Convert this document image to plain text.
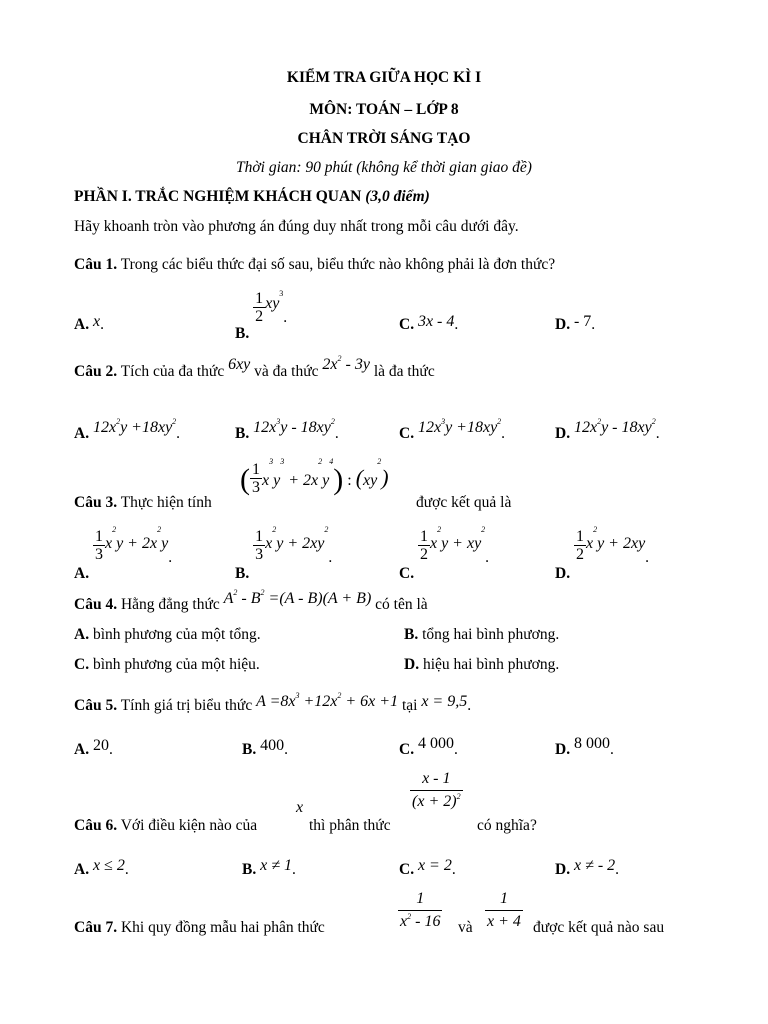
KIỂM TRA GIỮA HỌC KÌ I
MÔN: TOÁN – LỚP 8
CHÂN TRỜI SÁNG TẠO
Thời gian: 90 phút (không kể thời gian giao đề)
PHẦN I. TRẮC NGHIỆM KHÁCH QUAN (3,0 điểm)
Hãy khoanh tròn vào phương án đúng duy nhất trong mỗi câu dưới đây.
Câu 1. Trong các biểu thức đại số sau, biểu thức nào không phải là đơn thức?
A. x.
B.
$\frac{1}{2} xy^3$.	C. 3x - 4.	D. - 7.
Câu 2. Tích của đa thức 6xy và đa thức $2x^2 - 3y$ là đa thức
A. $12x^2y +18xy^2$.	B. $12x^3y - 18xy^2$.	C. $12x^3y +18xy^2$.	D. $12x^2y - 18xy^2$.
Câu 3. Thực hiện tính
( $\frac{1}{3} x^3y^3 + 2x^2y^4$) : $(xy^2)$
được kết quả là
A.
$\frac{1}{3} x^2y + 2x^2y$.
B.
$\frac{1}{3} x^2y + 2xy^2$.
C.
$\frac{1}{2} x^2y + xy^2$.
D.
$\frac{1}{2} x^2y + 2xy$.
Câu 4. Hằng đẳng thức $A^2 - B^2 =(A - B)(A + B)$ có tên là
A. bình phương của một tổng.	B. tổng hai bình phương.
C. bình phương của một hiệu.	D. hiệu hai bình phương.
Câu 5. Tính giá trị biểu thức $A =8x^3 +12x^2 + 6x +1$ tại x = 9,5.
A. 20.	B. 400.	C. 4 000.	D. 8 000.
Câu 6. Với điều kiện nào của
x
thì phân thức
$\frac{x - 1}{(x + 2)^2}$
có nghĩa?
A. x ≤ 2.	B. x ≠ 1.	C. x = 2.	D. x ≠ - 2.
Câu 7. Khi quy đồng mẫu hai phân thức	$\frac{1}{x^2 - 16}$ và $\frac{1}{x + 4}$ được kết quả nào sau
